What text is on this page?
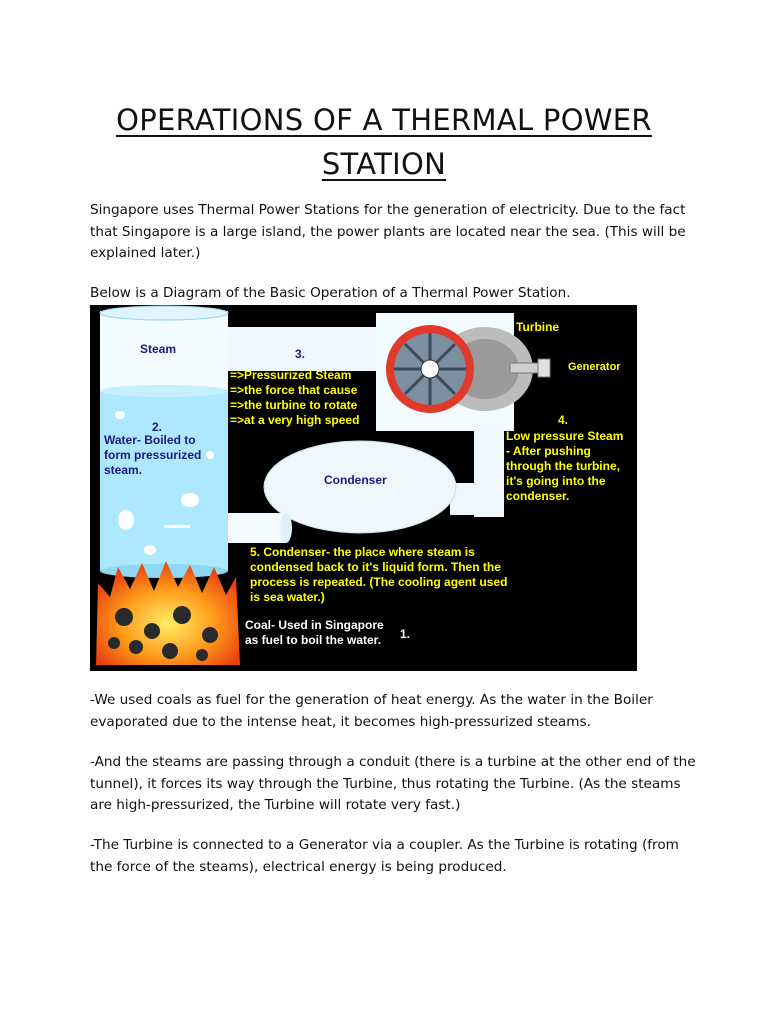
OPERATIONS OF A THERMAL POWER STATION
Singapore uses Thermal Power Stations for the generation of electricity. Due to the fact that Singapore is a large island, the power plants are located near the sea. (This will be explained later.)
Below is a Diagram of the Basic Operation of a Thermal Power Station.
Steam	3.
=>Pressurized Steam
=>the force that cause
=>the turbine to rotate
=>at a very high speed
Turbine
Generator
2.
Water- Boiled to
form pressurized
steam.
4.
Low pressure Steam
- After pushing
through the turbine,
it's going into the
condenser.
Condenser
5. Condenser- the place where steam is
condensed back to it's liquid form. Then the
process is repeated. (The cooling agent used
is sea water.)
Coal- Used in Singapore
as fuel to boil the water. 1.
-We used coals as fuel for the generation of heat energy. As the water in the Boiler evaporated due to the intense heat, it becomes high-pressurized steams.
-And the steams are passing through a conduit (there is a turbine at the other end of the tunnel), it forces its way through the Turbine, thus rotating the Turbine. (As the steams are high-pressurized, the Turbine will rotate very fast.)
-The Turbine is connected to a Generator via a coupler. As the Turbine is rotating (from the force of the steams), electrical energy is being produced.
